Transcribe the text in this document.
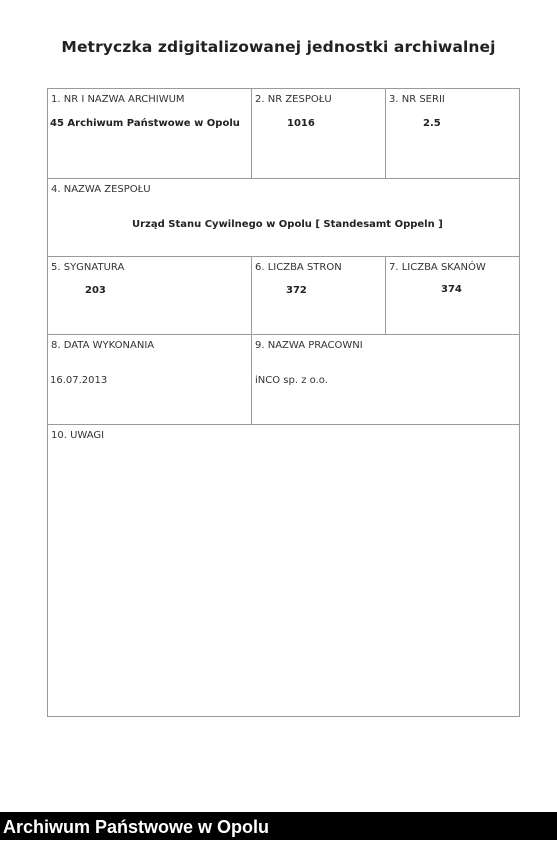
Metryczka zdigitalizowanej jednostki archiwalnej
1. NR I NAZWA ARCHIWUM
45 Archiwum Państwowe w Opolu
2. NR ZESPOŁU
1016
3. NR SERII
2.5
4. NAZWA ZESPOŁU
Urząd Stanu Cywilnego w Opolu [ Standesamt Oppeln ]
5. SYGNATURA
203
6. LICZBA STRON
372
7. LICZBA SKANÓW
374
8. DATA WYKONANIA
16.07.2013
9. NAZWA PRACOWNI
iNCO sp. z o.o.
10. UWAGI
Archiwum Państwowe w Opolu
